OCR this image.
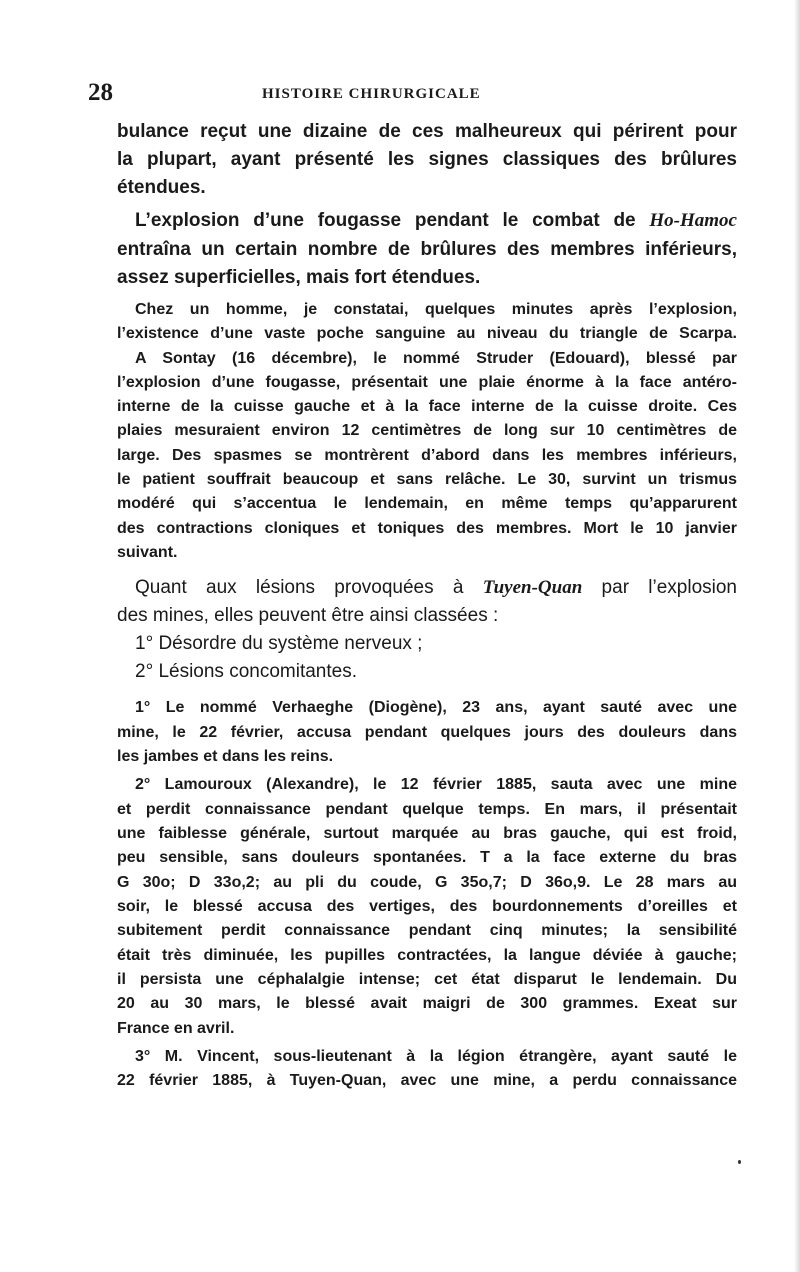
28	HISTOIRE CHIRURGICALE
bulance reçut une dizaine de ces malheureux qui périrent pour
la plupart, ayant présenté les signes classiques des brûlures
étendues.
L’explosion d’une fougasse pendant le combat de Ho-Hamoc
entraîna un certain nombre de brûlures des membres inférieurs,
assez superficielles, mais fort étendues.
Chez un homme, je constatai, quelques minutes après l’explosion,
l’existence d’une vaste poche sanguine au niveau du triangle de Scarpa.
A Sontay (16 décembre), le nommé Struder (Edouard), blessé par
l’explosion d’une fougasse, présentait une plaie énorme à la face antéro-
interne de la cuisse gauche et à la face interne de la cuisse droite. Ces
plaies mesuraient environ 12 centimètres de long sur 10 centimètres de
large. Des spasmes se montrèrent d’abord dans les membres inférieurs,
le patient souffrait beaucoup et sans relâche. Le 30, survint un trismus
modéré qui s’accentua le lendemain, en même temps qu’apparurent
des contractions cloniques et toniques des membres. Mort le 10 janvier
suivant.
Quant aux lésions provoquées à Tuyen-Quan par l’explosion
des mines, elles peuvent être ainsi classées :
1° Désordre du système nerveux ;
2° Lésions concomitantes.
1° Le nommé Verhaeghe (Diogène), 23 ans, ayant sauté avec une
mine, le 22 février, accusa pendant quelques jours des douleurs dans
les jambes et dans les reins.
2° Lamouroux (Alexandre), le 12 février 1885, sauta avec une mine
et perdit connaissance pendant quelque temps. En mars, il présentait
une faiblesse générale, surtout marquée au bras gauche, qui est froid,
peu sensible, sans douleurs spontanées. T a la face externe du bras
G 30o; D 33o,2; au pli du coude, G 35o,7; D 36o,9. Le 28 mars au
soir, le blessé accusa des vertiges, des bourdonnements d’oreilles et
subitement perdit connaissance pendant cinq minutes; la sensibilité
était très diminuée, les pupilles contractées, la langue déviée à gauche;
il persista une céphalalgie intense; cet état disparut le lendemain. Du
20 au 30 mars, le blessé avait maigri de 300 grammes. Exeat sur
France en avril.
3° M. Vincent, sous-lieutenant à la légion étrangère, ayant sauté le
22 février 1885, à Tuyen-Quan, avec une mine, a perdu connaissance
